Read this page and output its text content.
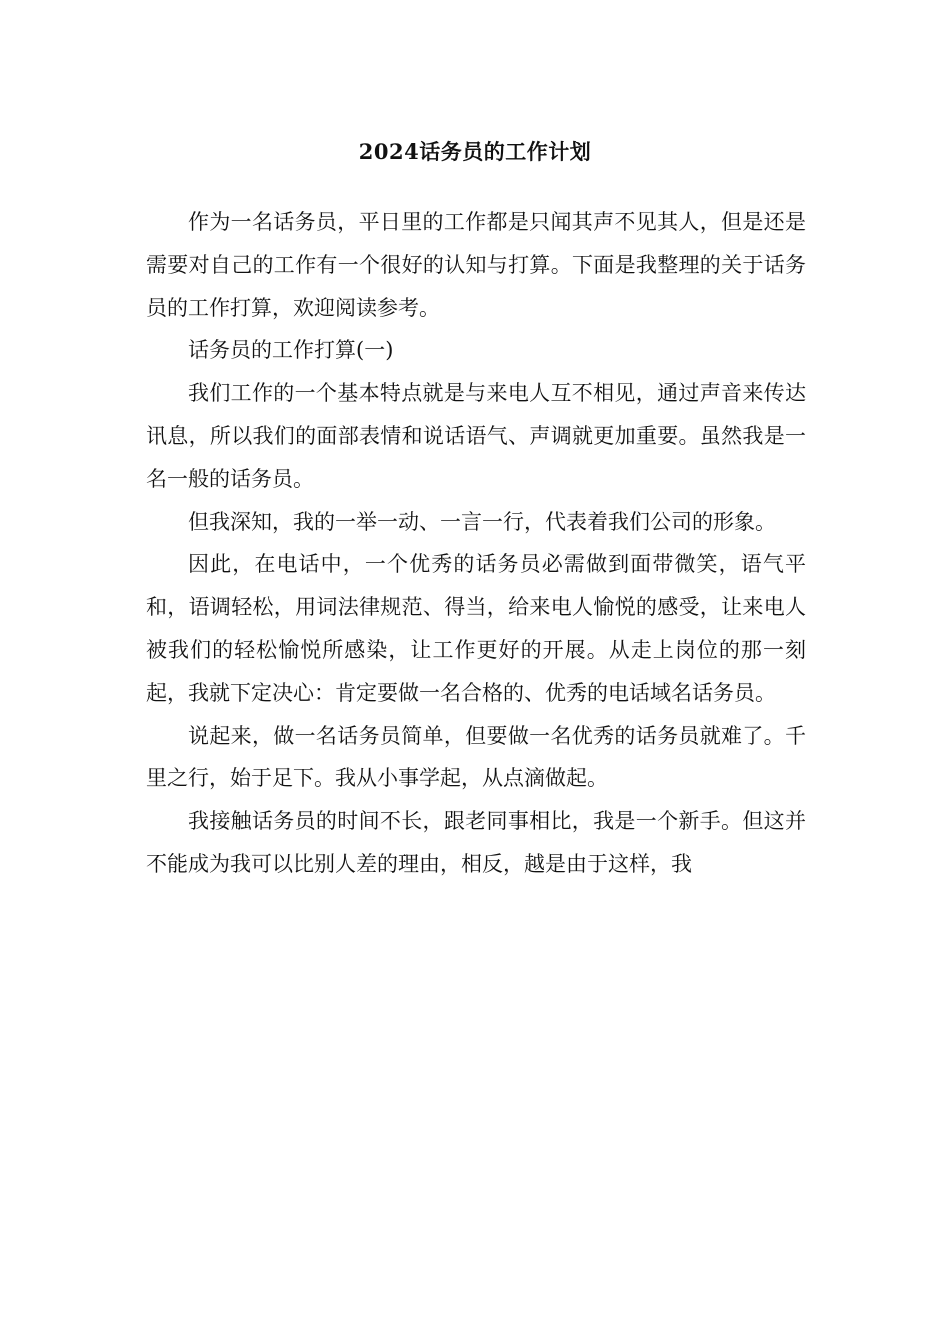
2024话务员的工作计划

作为一名话务员，平日里的工作都是只闻其声不见其人，但是还是需要对自己的工作有一个很好的认知与打算。下面是我整理的关于话务员的工作打算，欢迎阅读参考。

话务员的工作打算(一)

我们工作的一个基本特点就是与来电人互不相见，通过声音来传达讯息，所以我们的面部表情和说话语气、声调就更加重要。虽然我是一名一般的话务员。

但我深知，我的一举一动、一言一行，代表着我们公司的形象。

因此，在电话中，一个优秀的话务员必需做到面带微笑，语气平和，语调轻松，用词法律规范、得当，给来电人愉悦的感受，让来电人被我们的轻松愉悦所感染，让工作更好的开展。从走上岗位的那一刻起，我就下定决心：肯定要做一名合格的、优秀的电话域名话务员。

说起来，做一名话务员简单，但要做一名优秀的话务员就难了。千里之行，始于足下。我从小事学起，从点滴做起。

我接触话务员的时间不长，跟老同事相比，我是一个新手。但这并不能成为我可以比别人差的理由，相反，越是由于这样，我
